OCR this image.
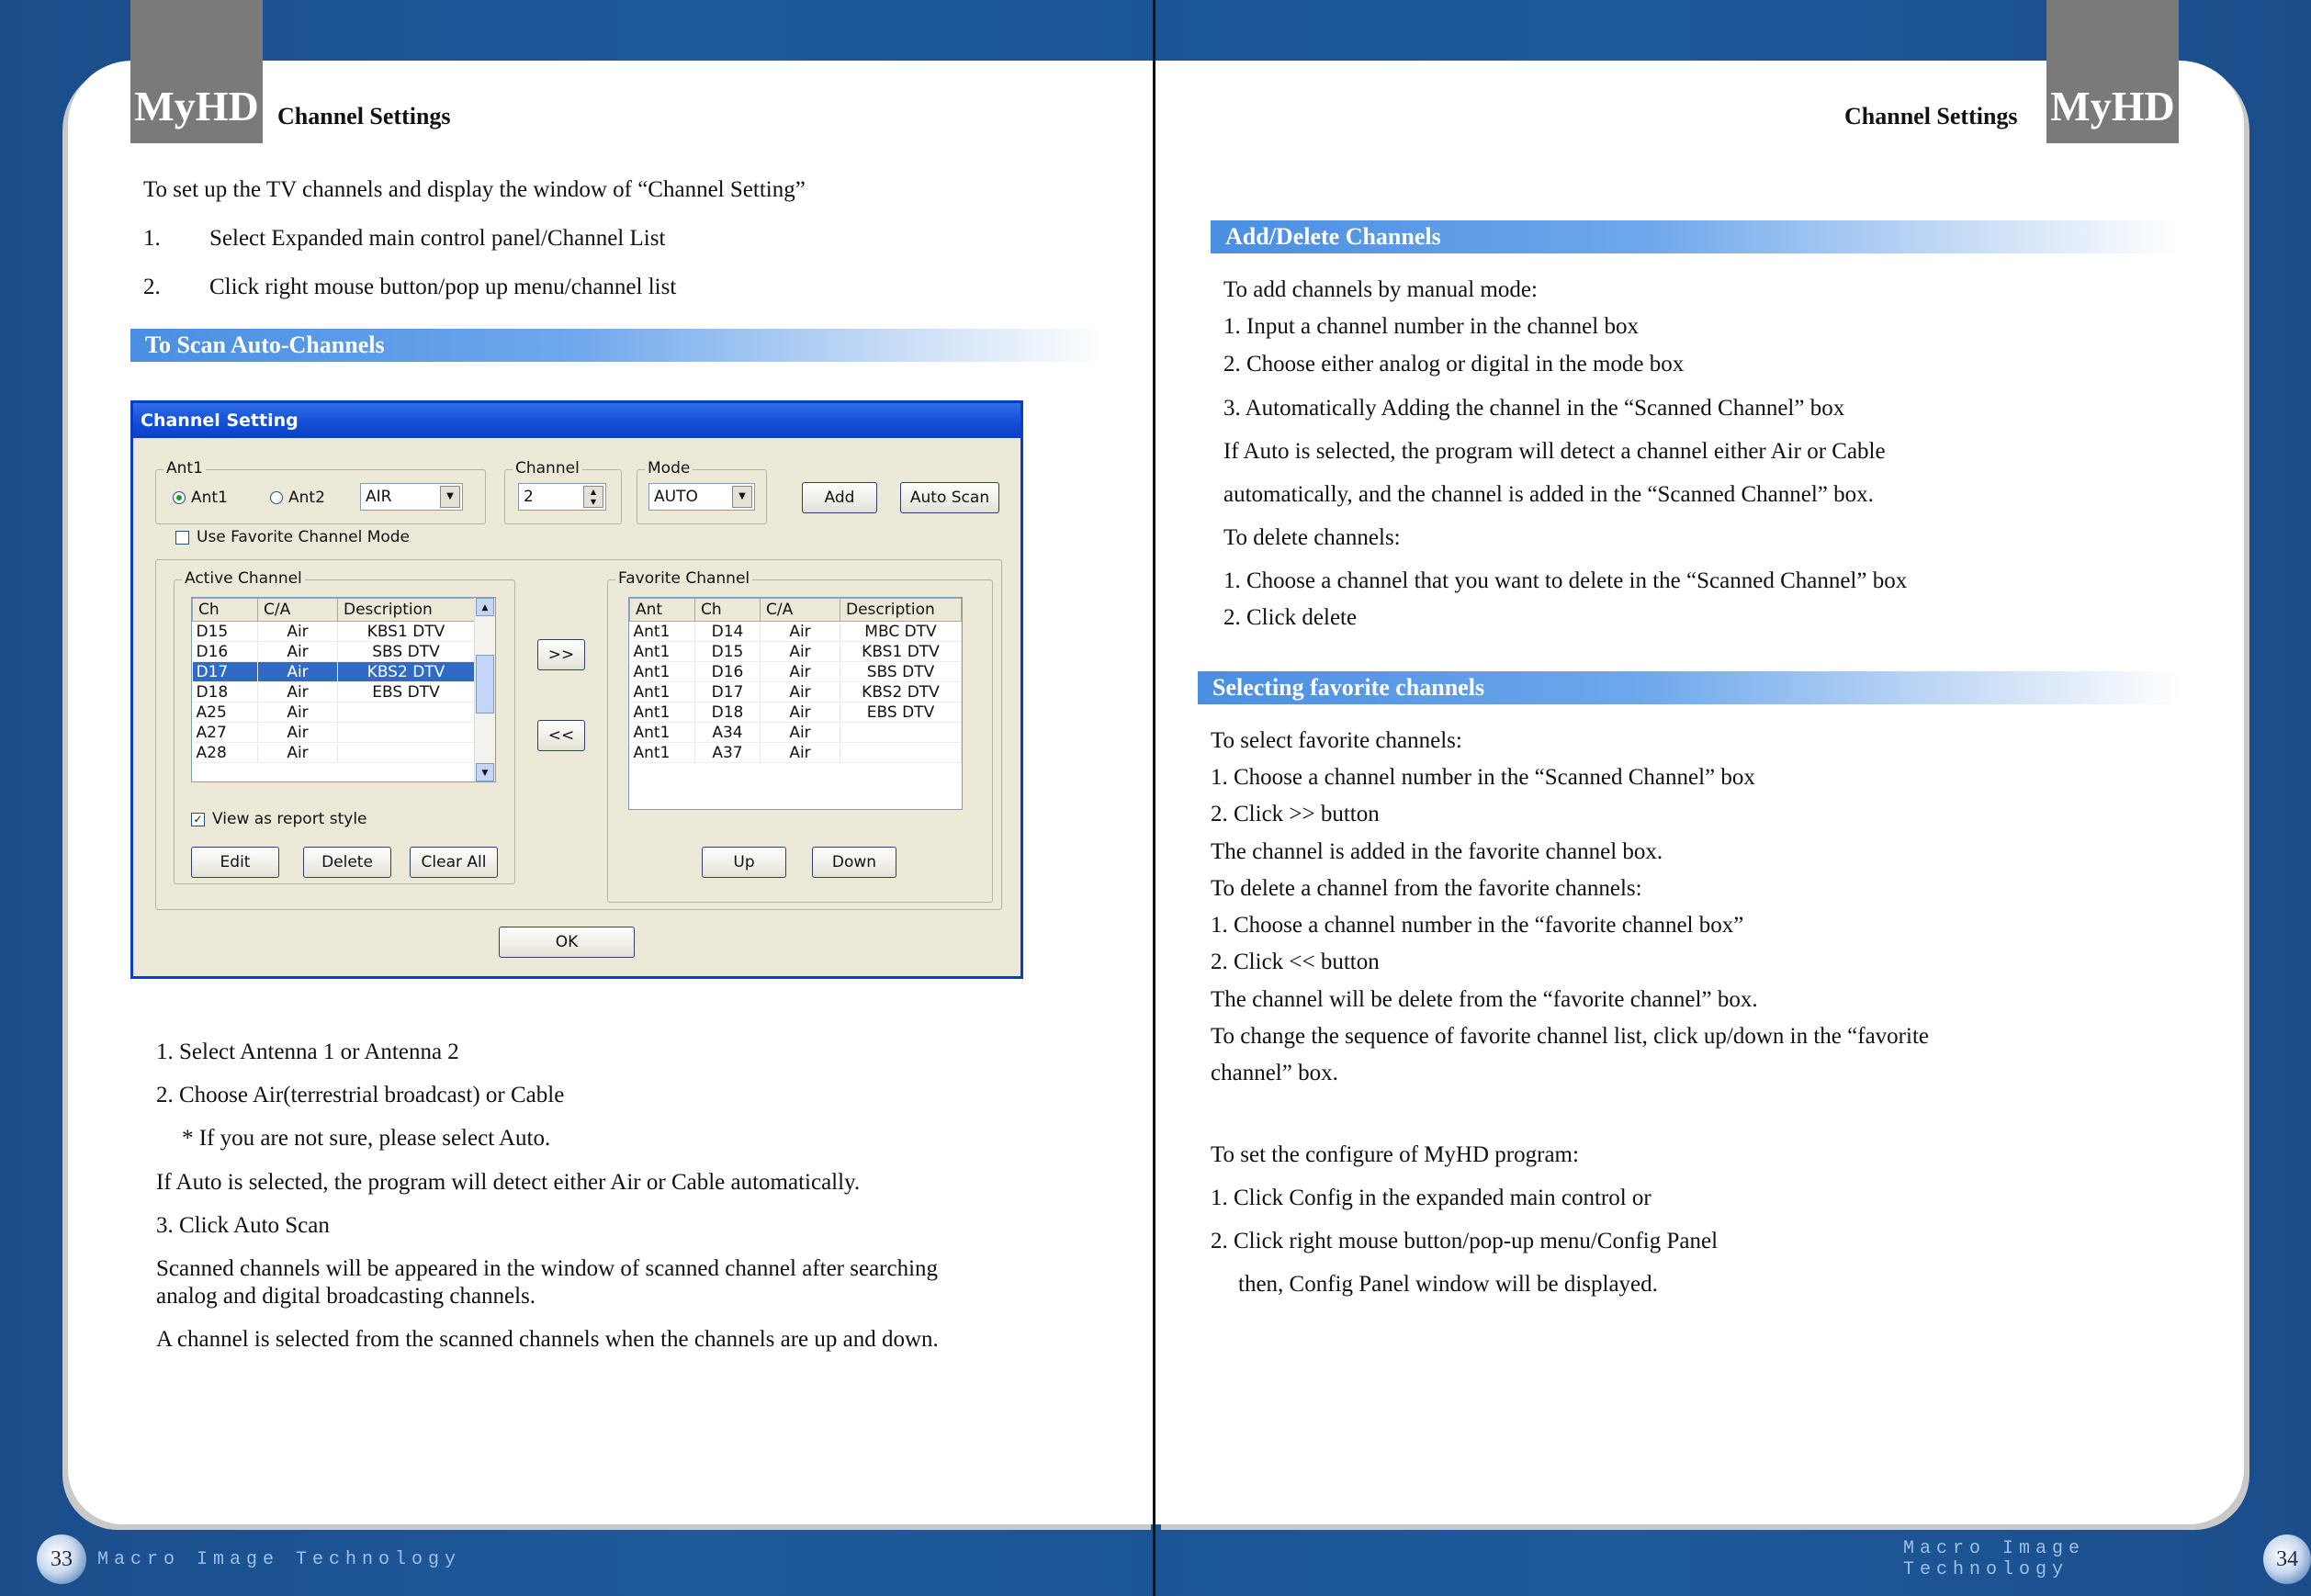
MyHD Channel Settings
To set up the TV channels and display the window of “Channel Setting”
1. Select Expanded main control panel/Channel List
2. Click right mouse button/pop up menu/channel list
To Scan Auto-Channels
Channel Setting
Ant1
Ant1	Ant2	AIR	▼
Channel
2	▲
▼
Mode
AUTO	▼	Add	Auto Scan
Use Favorite Channel Mode
Active Channel
Ch	C/A	Description
D15	Air	KBS1 DTV
D16	Air	SBS DTV
D17	Air	KBS2 DTV
D18	Air	EBS DTV
A25	Air	
A27	Air	
A28	Air	
▲
▼
✓ View as report style
Edit	Delete	Clear All
>>
<<
Favorite Channel
Ant	Ch	C/A	Description
Ant1	D14	Air	MBC DTV
Ant1	D15	Air	KBS1 DTV
Ant1	D16	Air	SBS DTV
Ant1	D17	Air	KBS2 DTV
Ant1	D18	Air	EBS DTV
Ant1	A34	Air	
Ant1	A37	Air	
Up	Down
OK
1. Select Antenna 1 or Antenna 2
2. Choose Air(terrestrial broadcast) or Cable
* If you are not sure, please select Auto.
If Auto is selected, the program will detect either Air or Cable automatically.
3. Click Auto Scan
Scanned channels will be appeared in the window of scanned channel after searching
analog and digital broadcasting channels.
A channel is selected from the scanned channels when the channels are up and down.
33	Macro Image Technology
MyHD
Channel Settings
Add/Delete Channels
To add channels by manual mode:
1. Input a channel number in the channel box
2. Choose either analog or digital in the mode box
3. Automatically Adding the channel in the “Scanned Channel” box
If Auto is selected, the program will detect a channel either Air or Cable
automatically, and the channel is added in the “Scanned Channel” box.
To delete channels:
1. Choose a channel that you want to delete in the “Scanned Channel” box
2. Click delete
Selecting favorite channels
To select favorite channels:
1. Choose a channel number in the “Scanned Channel” box
2. Click >> button
The channel is added in the favorite channel box.
To delete a channel from the favorite channels:
1. Choose a channel number in the “favorite channel box”
2. Click << button
The channel will be delete from the “favorite channel” box.
To change the sequence of favorite channel list, click up/down in the “favorite
channel” box.
To set the configure of MyHD program:
1. Click Config in the expanded main control or
2. Click right mouse button/pop-up menu/Config Panel
then, Config Panel window will be displayed.
Macro Image Technology	34
